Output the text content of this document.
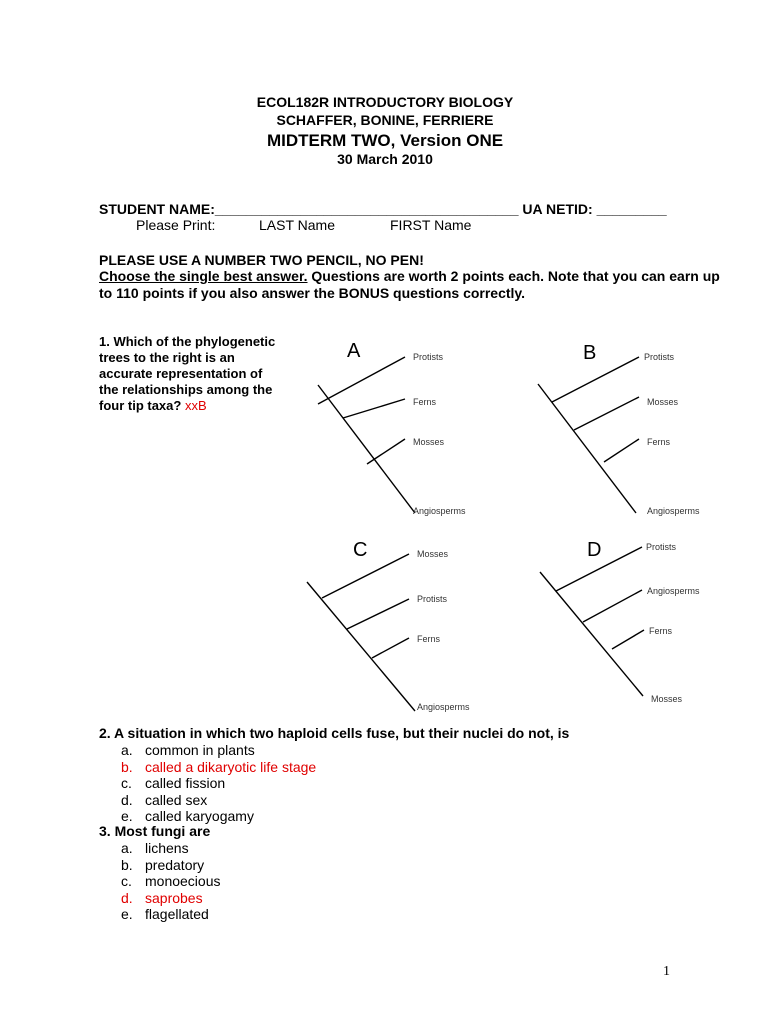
ECOL182R INTRODUCTORY BIOLOGY
SCHAFFER, BONINE, FERRIERE
MIDTERM TWO, Version ONE
30 March 2010
STUDENT NAME:_______________________________________ UA NETID: _________
Please Print:	LAST Name	FIRST Name
PLEASE USE A NUMBER TWO PENCIL, NO PEN!
Choose the single best answer. Questions are worth 2 points each. Note that you can earn up
to 110 points if you also answer the BONUS questions correctly.
1. Which of the phylogenetic
trees to the right is an
accurate representation of
the relationships among the
four tip taxa? xxB
A	Protists
Ferns
Mosses
Angiosperms
B	Protists
Mosses
Ferns
Angiosperms
C	Mosses
Protists
Ferns
Angiosperms
D	Protists
Angiosperms
Ferns
Mosses
2. A situation in which two haploid cells fuse, but their nuclei do not, is
a. common in plants
b. called a dikaryotic life stage
c. called fission
d. called sex
e. called karyogamy
3. Most fungi are
a. lichens
b. predatory
c. monoecious
d. saprobes
e. flagellated
1
